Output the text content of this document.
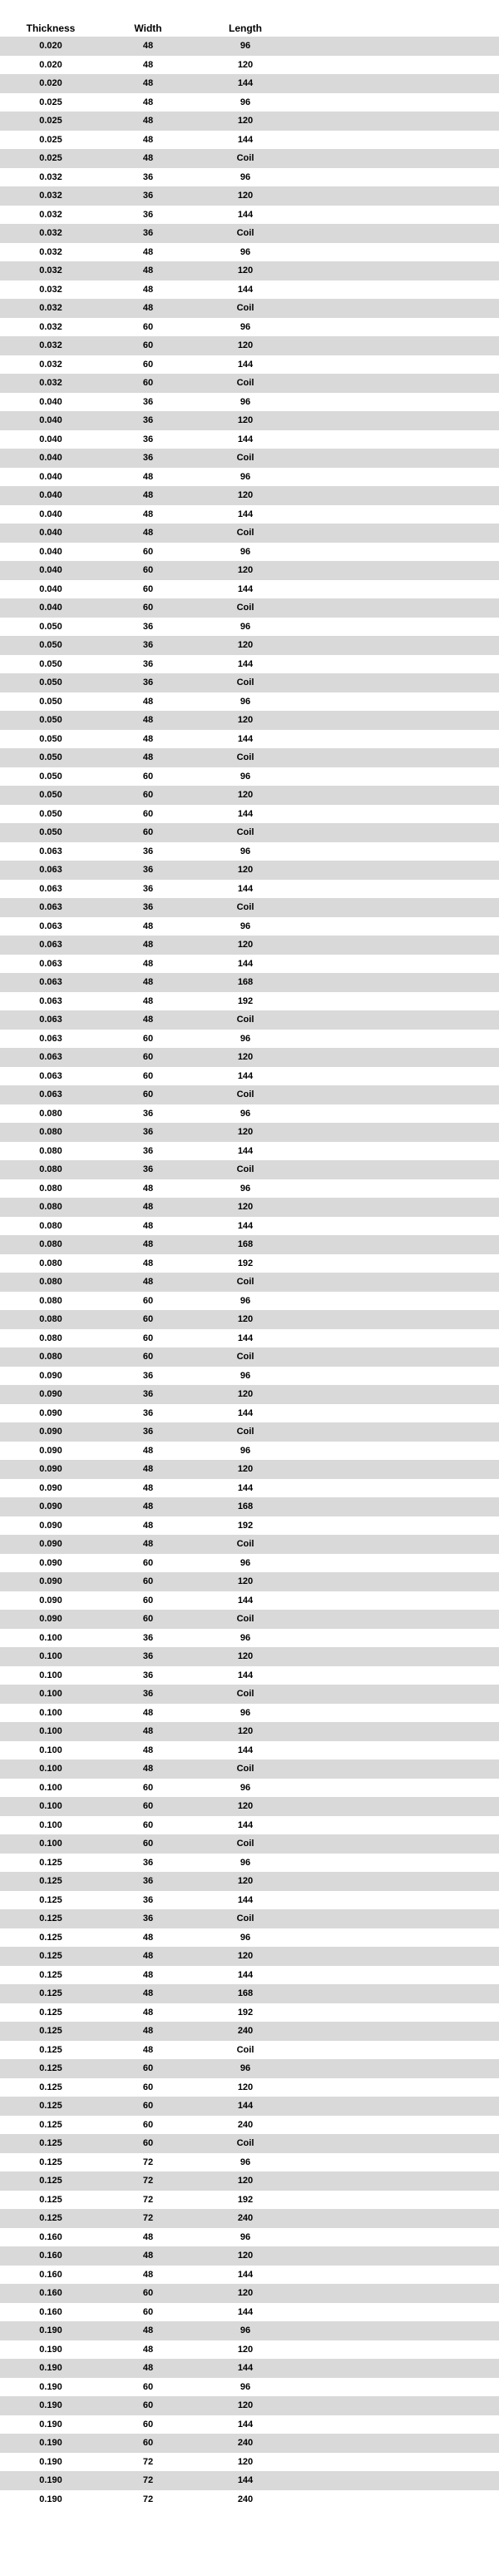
Thickness	Width	Length
0.020	48	96
0.020	48	120
0.020	48	144
0.025	48	96
0.025	48	120
0.025	48	144
0.025	48	Coil
0.032	36	96
0.032	36	120
0.032	36	144
0.032	36	Coil
0.032	48	96
0.032	48	120
0.032	48	144
0.032	48	Coil
0.032	60	96
0.032	60	120
0.032	60	144
0.032	60	Coil
0.040	36	96
0.040	36	120
0.040	36	144
0.040	36	Coil
0.040	48	96
0.040	48	120
0.040	48	144
0.040	48	Coil
0.040	60	96
0.040	60	120
0.040	60	144
0.040	60	Coil
0.050	36	96
0.050	36	120
0.050	36	144
0.050	36	Coil
0.050	48	96
0.050	48	120
0.050	48	144
0.050	48	Coil
0.050	60	96
0.050	60	120
0.050	60	144
0.050	60	Coil
0.063	36	96
0.063	36	120
0.063	36	144
0.063	36	Coil
0.063	48	96
0.063	48	120
0.063	48	144
0.063	48	168
0.063	48	192
0.063	48	Coil
0.063	60	96
0.063	60	120
0.063	60	144
0.063	60	Coil
0.080	36	96
0.080	36	120
0.080	36	144
0.080	36	Coil
0.080	48	96
0.080	48	120
0.080	48	144
0.080	48	168
0.080	48	192
0.080	48	Coil
0.080	60	96
0.080	60	120
0.080	60	144
0.080	60	Coil
0.090	36	96
0.090	36	120
0.090	36	144
0.090	36	Coil
0.090	48	96
0.090	48	120
0.090	48	144
0.090	48	168
0.090	48	192
0.090	48	Coil
0.090	60	96
0.090	60	120
0.090	60	144
0.090	60	Coil
0.100	36	96
0.100	36	120
0.100	36	144
0.100	36	Coil
0.100	48	96
0.100	48	120
0.100	48	144
0.100	48	Coil
0.100	60	96
0.100	60	120
0.100	60	144
0.100	60	Coil
0.125	36	96
0.125	36	120
0.125	36	144
0.125	36	Coil
0.125	48	96
0.125	48	120
0.125	48	144
0.125	48	168
0.125	48	192
0.125	48	240
0.125	48	Coil
0.125	60	96
0.125	60	120
0.125	60	144
0.125	60	240
0.125	60	Coil
0.125	72	96
0.125	72	120
0.125	72	192
0.125	72	240
0.160	48	96
0.160	48	120
0.160	48	144
0.160	60	120
0.160	60	144
0.190	48	96
0.190	48	120
0.190	48	144
0.190	60	96
0.190	60	120
0.190	60	144
0.190	60	240
0.190	72	120
0.190	72	144
0.190	72	240
